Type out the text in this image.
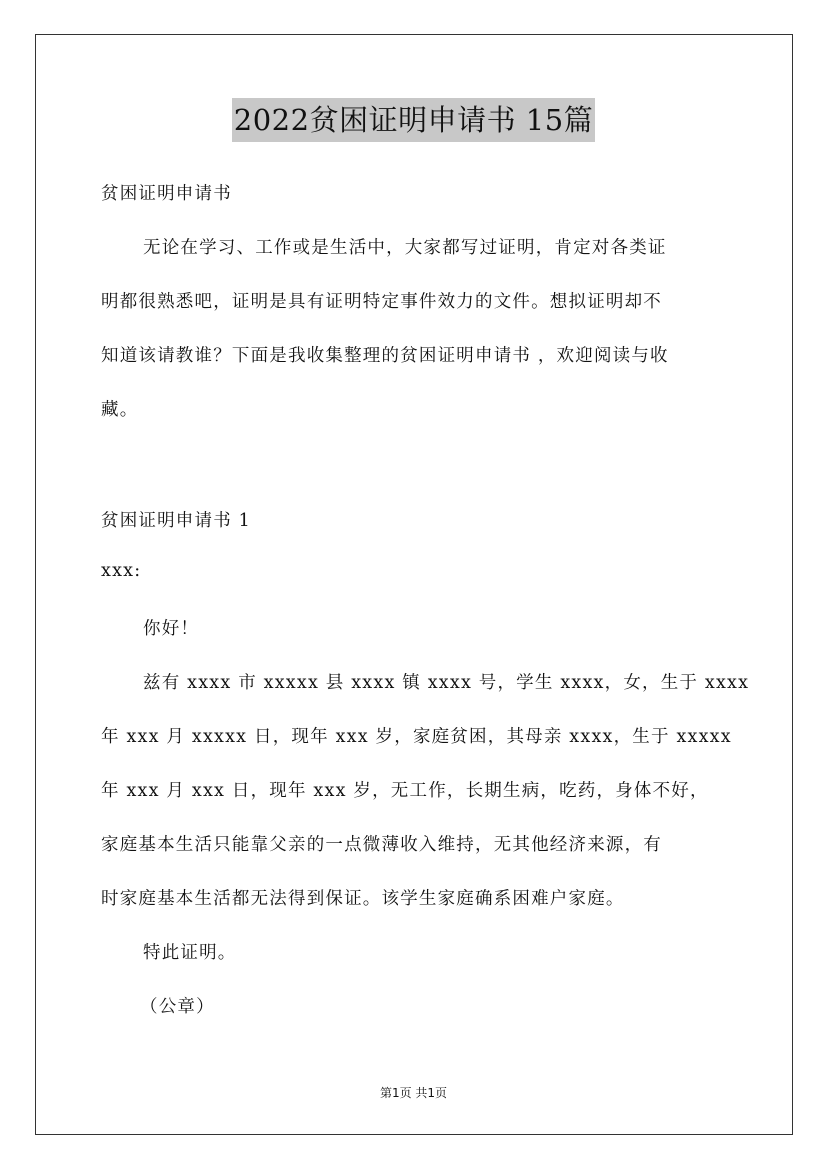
2022贫困证明申请书 15篇
贫困证明申请书
无论在学习、工作或是生活中，大家都写过证明，肯定对各类证
明都很熟悉吧，证明是具有证明特定事件效力的文件。想拟证明却不
知道该请教谁？下面是我收集整理的贫困证明申请书 ，欢迎阅读与收
藏。
贫困证明申请书 1
xxx:
你好！
兹有 xxxx 市 xxxxx 县 xxxx 镇 xxxx 号，学生 xxxx，女，生于 xxxx
年 xxx 月 xxxxx 日，现年 xxx 岁，家庭贫困，其母亲 xxxx，生于 xxxxx
年 xxx 月 xxx 日，现年 xxx 岁，无工作，长期生病，吃药，身体不好，
家庭基本生活只能靠父亲的一点微薄收入维持，无其他经济来源，有
时家庭基本生活都无法得到保证。该学生家庭确系困难户家庭。
特此证明。
（公章）
第1页 共1页
